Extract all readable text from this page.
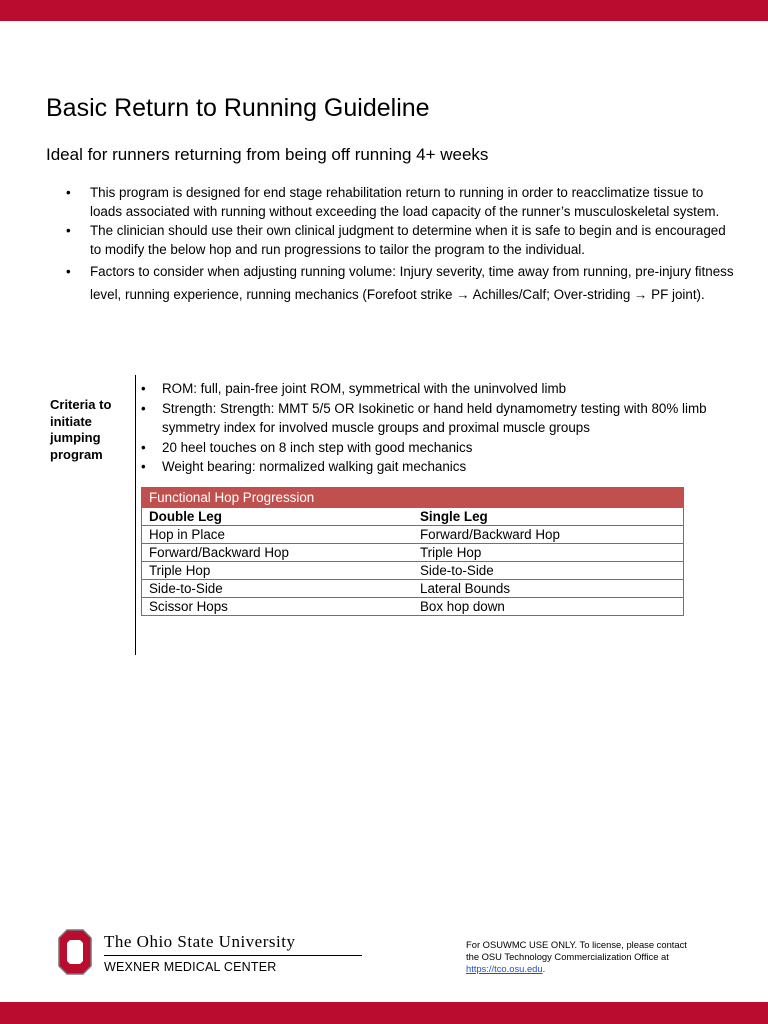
Basic Return to Running Guideline

Ideal for runners returning from being off running 4+ weeks

• This program is designed for end stage rehabilitation return to running in order to reacclimatize tissue to loads associated with running without exceeding the load capacity of the runner’s musculoskeletal system.
• The clinician should use their own clinical judgment to determine when it is safe to begin and is encouraged to modify the below hop and run progressions to tailor the program to the individual.
• Factors to consider when adjusting running volume: Injury severity, time away from running, pre-injury fitness level, running experience, running mechanics (Forefoot strike → Achilles/Calf; Over-striding → PF joint).
Criteria to initiate jumping program
• ROM: full, pain-free joint ROM, symmetrical with the uninvolved limb
• Strength: Strength: MMT 5/5 OR Isokinetic or hand held dynamometry testing with 80% limb symmetry index for involved muscle groups and proximal muscle groups
• 20 heel touches on 8 inch step with good mechanics
• Weight bearing: normalized walking gait mechanics
Functional Hop Progression	
Double Leg	Single Leg
Hop in Place	Forward/Backward Hop
Forward/Backward Hop	Triple Hop
Triple Hop	Side-to-Side
Side-to-Side	Lateral Bounds
Scissor Hops	Box hop down
The Ohio State University
WEXNER MEDICAL CENTER
For OSUWMC USE ONLY. To license, please contact the OSU Technology Commercialization Office at https://tco.osu.edu.
